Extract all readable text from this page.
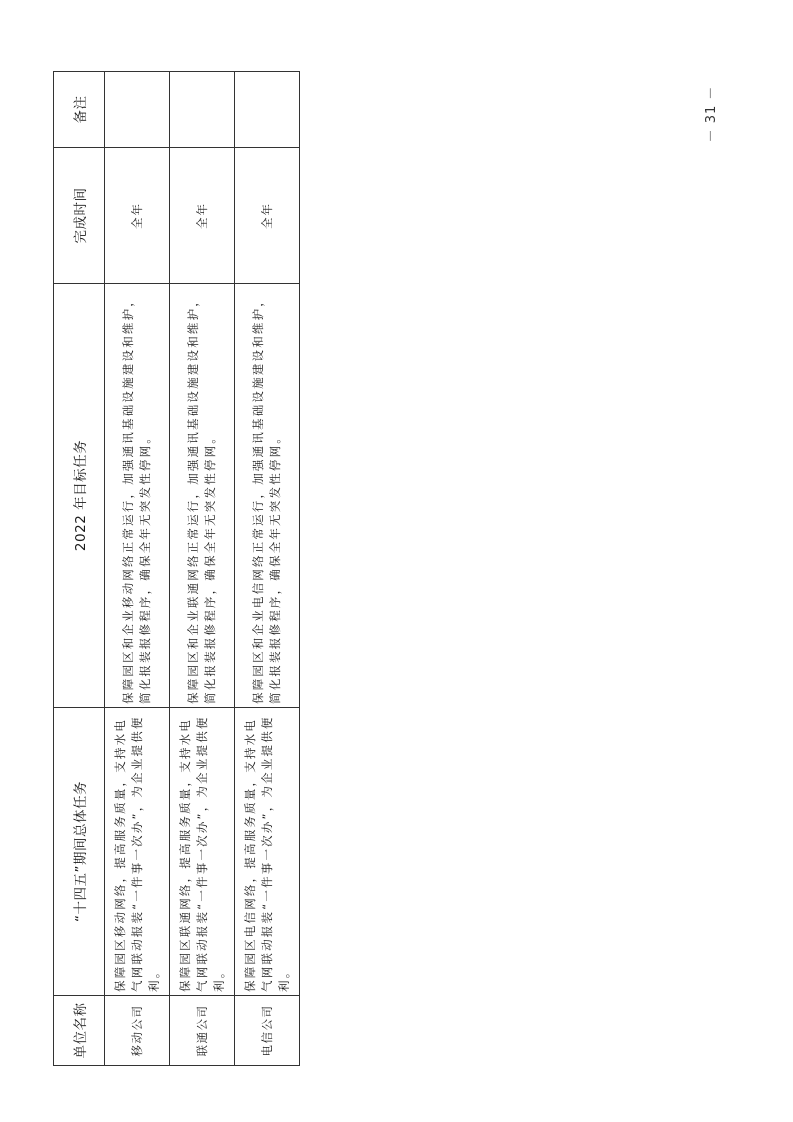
单位名称	“十四五”期间总体任务	2022 年目标任务	完成时间	备注
移动公司	保障园区移动网络，提高服务质量，支持水电气网联动报装“一件事一次办”，为企业提供便利。	保障园区和企业移动网络正常运行，加强通讯基础设施建设和维护，简化报装报修程序，确保全年无突发性停网。	全年	
联通公司	保障园区联通网络，提高服务质量，支持水电气网联动报装“一件事一次办”，为企业提供便利。	保障园区和企业联通网络正常运行，加强通讯基础设施建设和维护，简化报装报修程序，确保全年无突发性停网。	全年	
电信公司	保障园区电信网络，提高服务质量，支持水电气网联动报装“一件事一次办”，为企业提供便利。	保障园区和企业电信网络正常运行，加强通讯基础设施建设和维护，简化报装报修程序，确保全年无突发性停网。	全年	
－ 31 －
